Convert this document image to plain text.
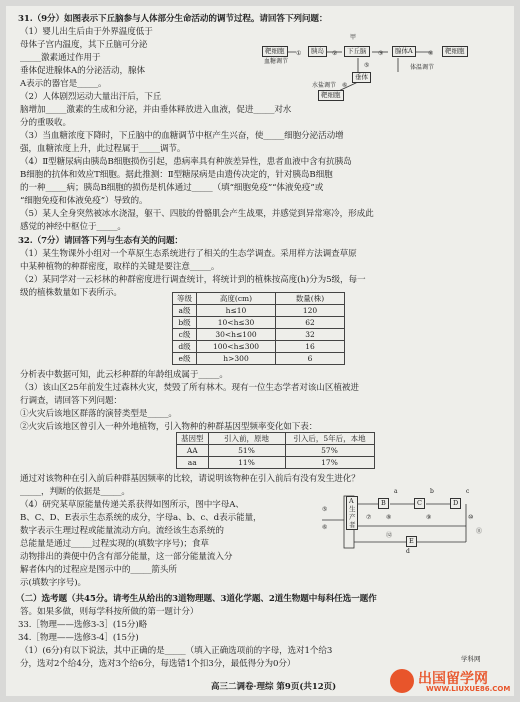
31.（9分）如图表示下丘脑参与人体部分生命活动的调节过程。请回答下列问题：
（1）婴儿出生后由于外界温度低于
母体子宫内温度，其下丘脑可分泌
_____激素通过作用于
垂体促进腺体A的分泌活动，腺体
A表示的器官是_____。
（2）人体剧烈运动大量出汗后，下丘
脑增加_____激素的生成和分泌，并由垂体释放进入血液，促进_____对水
分的重吸收。
（3）当血糖浓度下降时，下丘脑中的血糖调节中枢产生兴奋，使_____细胞分泌活动增
强，血糖浓度上升，此过程属于_____调节。
（4）Ⅱ型糖尿病由胰岛B细胞损伤引起，患病率具有种族差异性，患者血液中含有抗胰岛
B细胞的抗体和效应T细胞。据此推测：Ⅱ型糖尿病是由遗传决定的，针对胰岛B细胞
的一种_____病；胰岛B细胞的损伤是机体通过_____（填“细胞免疫”“体液免疫”或
“细胞免疫和体液免疫”）导致的。
（5）某人全身突然被冰水浇湿，躯干、四肢的骨骼肌会产生战栗，并感觉到异常寒冷，形成此
感觉的神经中枢位于_____。
靶细胞	胰岛	下丘脑	腺体A	靶细胞
垂体
靶细胞
血糖调节
体温调节
水盐调节
①	②	③	④
⑤
⑥
甲
32.（7分）请回答下列与生态有关的问题：
（1）某生物课外小组对一个草原生态系统进行了相关的生态学调查。采用样方法调查草原
中某种植物的种群密度，取样的关键是要注意_____。
（2）某同学对一云杉林的种群密度进行调查统计，将统计到的植株按高度(h)分为5级，每一
级的植株数量如下表所示。
等级	高度(cm)	数量(株)
a级	h≤10	120
b级	10<h≤30	62
c级	30<h≤100	32
d级	100<h≤300	16
e级	h>300	6
分析表中数据可知，此云杉种群的年龄组成属于_____。
（3）该山区25年前发生过森林火灾，焚毁了所有林木。现有一位生态学者对该山区植被进
行调查，请回答下列问题：
①火灾后该地区群落的演替类型是_____。
②火灾后该地区曾引入一种外地植物，引入物种的种群基因型频率变化如下表：
基因型	引入前，原地	引入后，5年后，本地
AA	51%	57%
aa	11%	17%
通过对该物种在引入前后种群基因频率的比较，请说明该物种在引入前后有没有发生进化？
_____，判断的依据是_____。
（4）研究某草原能量传递关系获得如图所示，图中字母A、
B、C、D、E表示生态系统的成分，字母a、b、c、d表示能量，
数字表示生理过程或能量流动方向。流经该生态系统的
总能量是通过_____过程实现的(填数字序号)；食草
动物排出的粪便中仍含有部分能量，这一部分能量流入分
解者体内的过程应是图示中的_____箭头所
示(填数字序号)。
A生产者
B	C	D
E
a	b	c
d
⑤
⑥
⑦ ⑧	⑨	⑩
⑪
⑫
（二）选考题（共45分。请考生从给出的3道物理题、3道化学题、2道生物题中每科任选一题作
答。如果多做，则每学科按所做的第一题计分）
33.［物理——选修3-3］(15分)略
34.［物理——选修3-4］(15分)
（1）(6分)有以下说法，其中正确的是_____（填入正确选项前的字母，选对1个给3
分，选对2个给4分，选对3个给6分，每选错1个扣3分，最低得分为0分）
高三二调卷·理综 第9页(共12页)
学科网
出国留学网
WWW.LIUXUE86.COM
